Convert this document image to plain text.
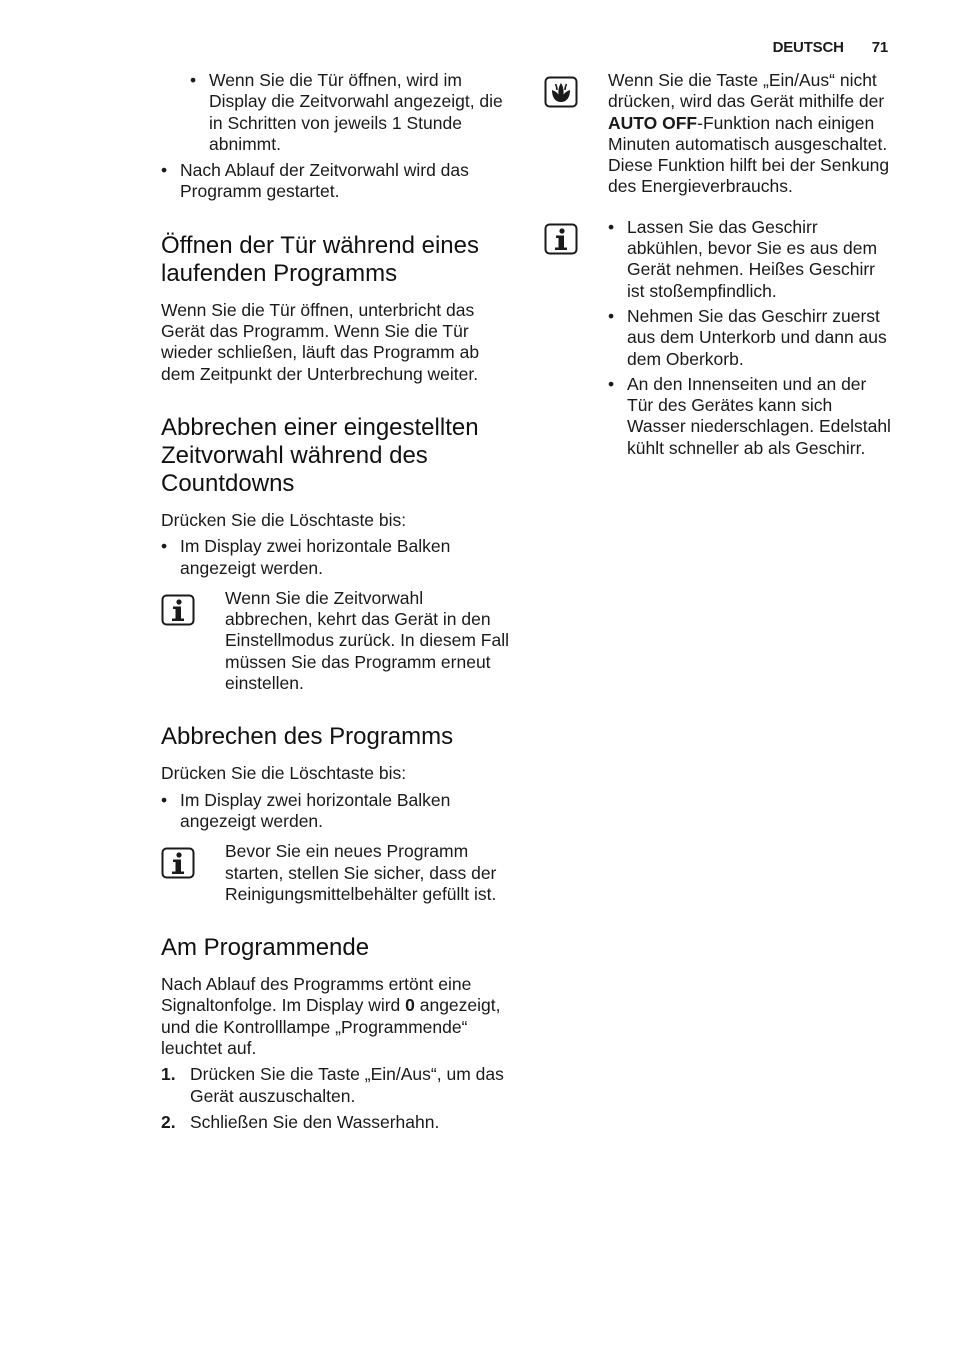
DEUTSCH 71
• Wenn Sie die Tür öffnen, wird im Display die Zeitvorwahl angezeigt, die in Schritten von jeweils 1 Stunde abnimmt.
• Nach Ablauf der Zeitvorwahl wird das Programm gestartet.
Öffnen der Tür während eines laufenden Programms

Wenn Sie die Tür öffnen, unterbricht das Gerät das Programm. Wenn Sie die Tür wieder schließen, läuft das Programm ab dem Zeitpunkt der Unterbrechung weiter.

Abbrechen einer eingestellten Zeitvorwahl während des Countdowns

Drücken Sie die Löschtaste bis:

• Im Display zwei horizontale Balken angezeigt werden.

Wenn Sie die Zeitvorwahl abbrechen, kehrt das Gerät in den Einstellmodus zurück. In diesem Fall müssen Sie das Programm erneut einstellen.

Abbrechen des Programms

Drücken Sie die Löschtaste bis:

• Im Display zwei horizontale Balken angezeigt werden.

Bevor Sie ein neues Programm starten, stellen Sie sicher, dass der Reinigungsmittelbehälter gefüllt ist.

Am Programmende

Nach Ablauf des Programms ertönt eine Signaltonfolge. Im Display wird 0 angezeigt, und die Kontrolllampe „Programmende“ leuchtet auf.

1. Drücken Sie die Taste „Ein/Aus“, um das Gerät auszuschalten.
2. Schließen Sie den Wasserhahn.

Wenn Sie die Taste „Ein/Aus“ nicht drücken, wird das Gerät mithilfe der AUTO OFF-Funktion nach einigen Minuten automatisch ausgeschaltet. Diese Funktion hilft bei der Senkung des Energieverbrauchs.

• Lassen Sie das Geschirr abkühlen, bevor Sie es aus dem Gerät nehmen. Heißes Geschirr ist stoßempfindlich.
• Nehmen Sie das Geschirr zuerst aus dem Unterkorb und dann aus dem Oberkorb.
• An den Innenseiten und an der Tür des Gerätes kann sich Wasser niederschlagen. Edelstahl kühlt schneller ab als Geschirr.
